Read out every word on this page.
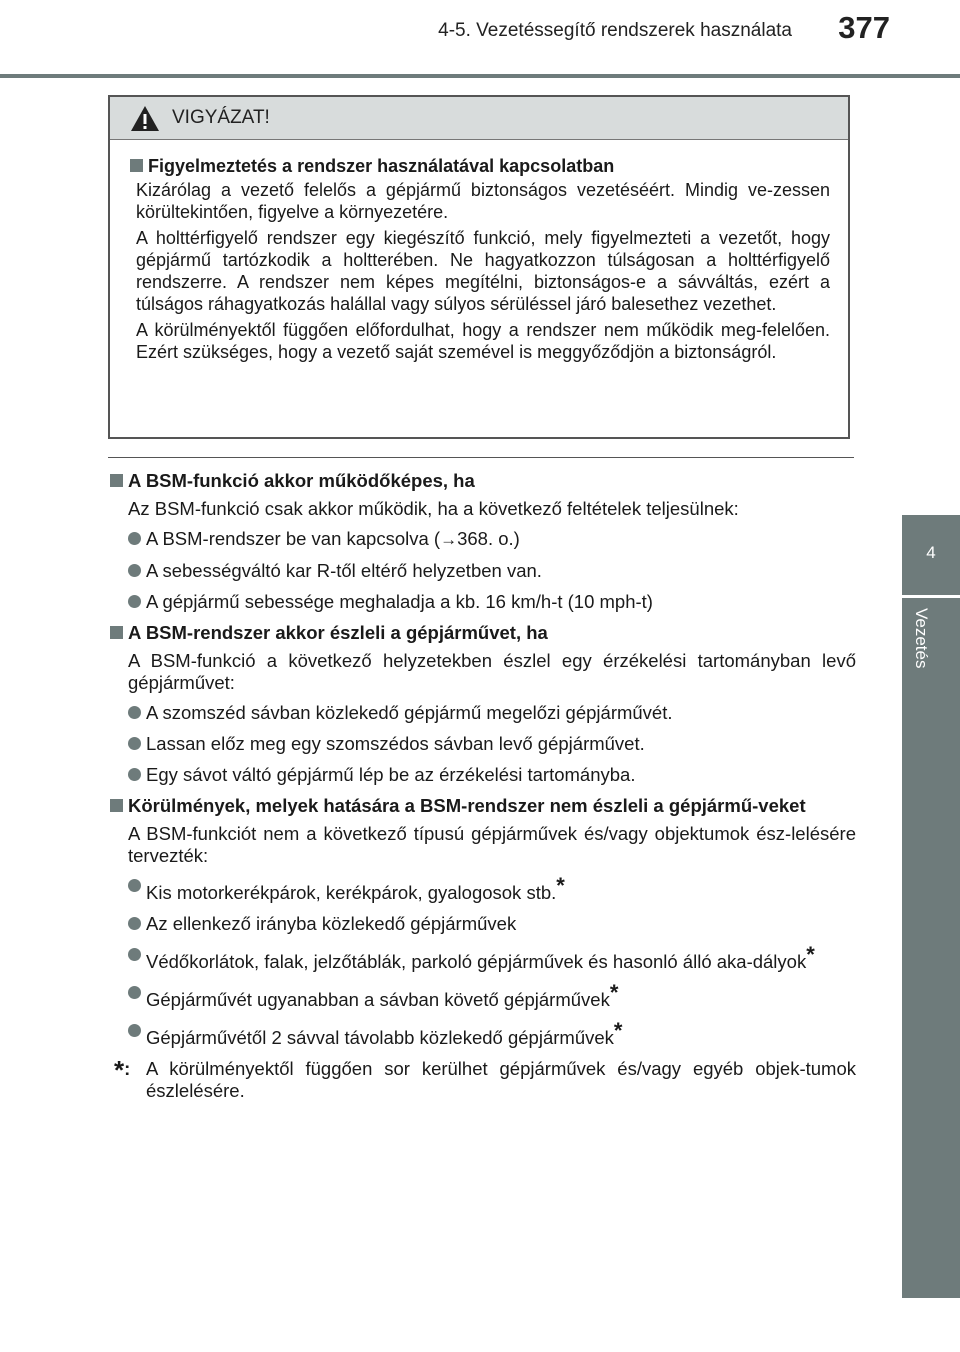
4-5. Vezetéssegítő rendszerek használata	377
4
Vezetés
VIGYÁZAT!
Figyelmeztetés a rendszer használatával kapcsolatban
Kizárólag a vezető felelős a gépjármű biztonságos vezetéséért. Mindig ve-zessen körültekintően, figyelve a környezetére.
A holttérfigyelő rendszer egy kiegészítő funkció, mely figyelmezteti a vezetőt, hogy gépjármű tartózkodik a holtterében. Ne hagyatkozzon túlságosan a holttérfigyelő rendszerre. A rendszer nem képes megítélni, biztonságos-e a sávváltás, ezért a túlságos ráhagyatkozás halállal vagy súlyos sérüléssel járó balesethez vezethet.
A körülményektől függően előfordulhat, hogy a rendszer nem működik meg-felelően. Ezért szükséges, hogy a vezető saját szemével is meggyőződjön a biztonságról.
A BSM-funkció akkor működőképes, ha
Az BSM-funkció csak akkor működik, ha a következő feltételek teljesülnek:
A BSM-rendszer be van kapcsolva (→368. o.)
A sebességváltó kar R-től eltérő helyzetben van.
A gépjármű sebessége meghaladja a kb. 16 km/h-t (10 mph-t)
A BSM-rendszer akkor észleli a gépjárművet, ha
A BSM-funkció a következő helyzetekben észlel egy érzékelési tartományban levő gépjárművet:
A szomszéd sávban közlekedő gépjármű megelőzi gépjárművét.
Lassan előz meg egy szomszédos sávban levő gépjárművet.
Egy sávot váltó gépjármű lép be az érzékelési tartományba.
Körülmények, melyek hatására a BSM-rendszer nem észleli a gépjármű-veket
A BSM-funkciót nem a következő típusú gépjárművek és/vagy objektumok ész-lelésére tervezték:
Kis motorkerékpárok, kerékpárok, gyalogosok stb.*
Az ellenkező irányba közlekedő gépjárművek
Védőkorlátok, falak, jelzőtáblák, parkoló gépjárművek és hasonló álló aka-dályok*
Gépjárművét ugyanabban a sávban követő gépjárművek*
Gépjárművétől 2 sávval távolabb közlekedő gépjárművek*
*: A körülményektől függően sor kerülhet gépjárművek és/vagy egyéb objek-tumok észlelésére.
